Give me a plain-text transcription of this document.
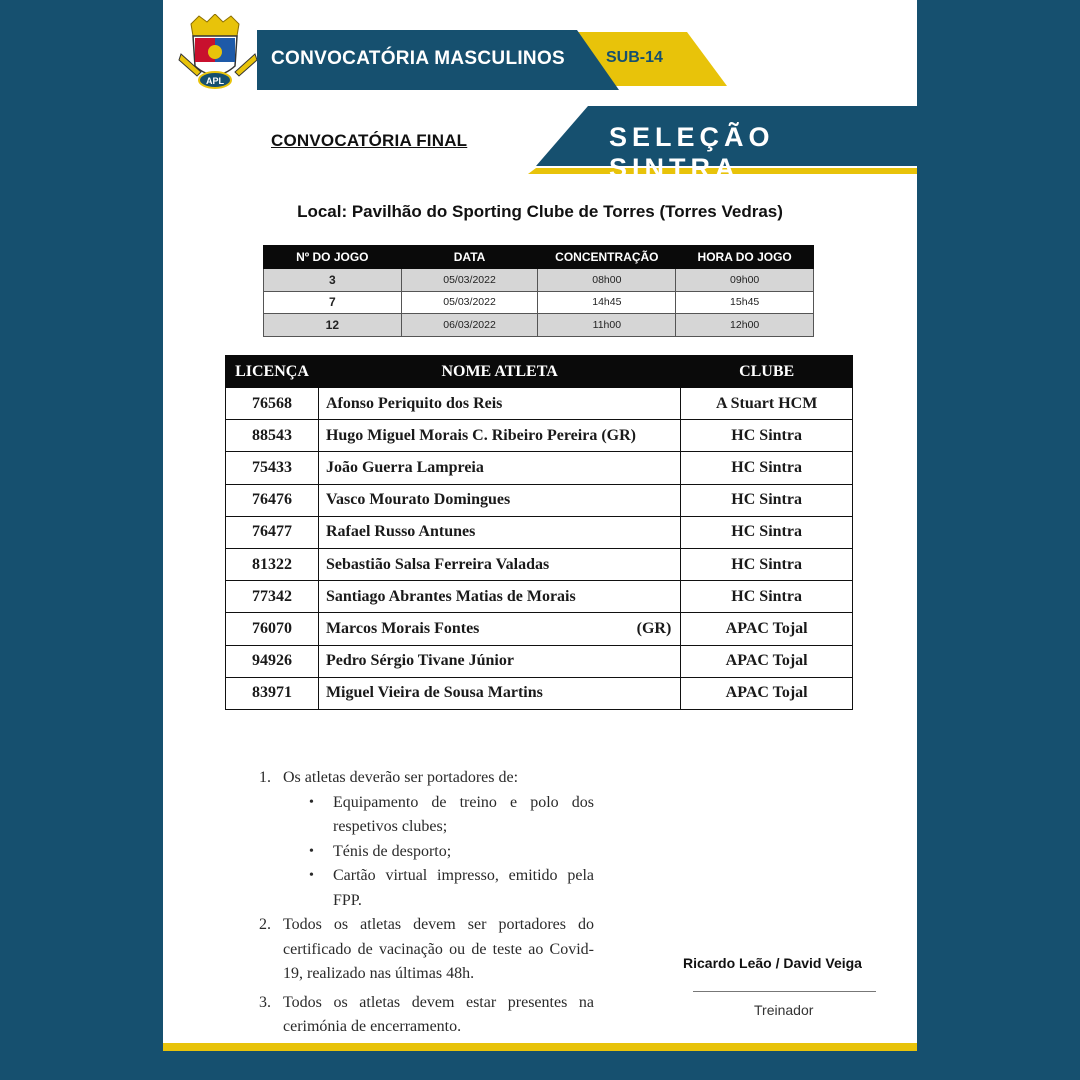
APL
CONVOCATÓRIA MASCULINOS	SUB-14
CONVOCATÓRIA FINAL	SELEÇÃO SINTRA
Local: Pavilhão do Sporting Clube de Torres (Torres Vedras)
Nº DO JOGO	DATA	CONCENTRAÇÃO	HORA DO JOGO
3	05/03/2022	08h00	09h00
7	05/03/2022	14h45	15h45
12	06/03/2022	11h00	12h00
LICENÇA	NOME ATLETA	CLUBE
76568	Afonso Periquito dos Reis	A Stuart HCM
88543	Hugo Miguel Morais C. Ribeiro Pereira (GR)	HC Sintra
75433	João Guerra Lampreia	HC Sintra
76476	Vasco Mourato Domingues	HC Sintra
76477	Rafael Russo Antunes	HC Sintra
81322	Sebastião Salsa Ferreira Valadas	HC Sintra
77342	Santiago Abrantes Matias de Morais	HC Sintra
76070	Marcos Morais Fontes (GR)	APAC Tojal
94926	Pedro Sérgio Tivane Júnior	APAC Tojal
83971	Miguel Vieira de Sousa Martins	APAC Tojal
1. Os atletas deverão ser portadores de:
•	Equipamento de treino e polo dos respetivos clubes;
•	Ténis de desporto;
•	Cartão virtual impresso, emitido pela FPP.
2. Todos os atletas devem ser portadores do certificado de vacinação ou de teste ao Covid-19, realizado nas últimas 48h.
3. Todos os atletas devem estar presentes na cerimónia de encerramento.
Ricardo Leão / David Veiga
Treinador
